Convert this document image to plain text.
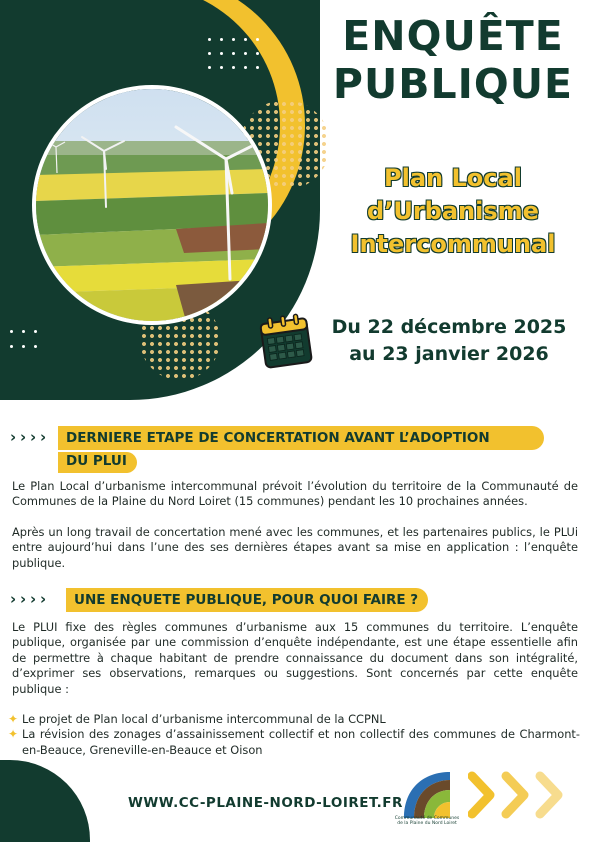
ENQUÊTE
PUBLIQUE
Plan Local
d’Urbanisme
Intercommunal
Du 22 décembre 2025
au 23 janvier 2026
› › › ›	DERNIERE ETAPE DE CONCERTATION AVANT L’ADOPTION
DU PLUI

Le Plan Local d’urbanisme intercommunal prévoit l’évolution du territoire de la Communauté de Communes de la Plaine du Nord Loiret (15 communes) pendant les 10 prochaines années.

Après un long travail de concertation mené avec les communes, et les partenaires publics, le PLUi entre aujourd’hui dans l’une des ses dernières étapes avant sa mise en application : l’enquête publique.

› › › ›	UNE ENQUETE PUBLIQUE, POUR QUOI FAIRE ?

Le PLUI fixe des règles communes d’urbanisme aux 15 communes du territoire. L’enquête publique, organisée par une commission d’enquête indépendante, est une étape essentielle afin de permettre à chaque habitant de prendre connaissance du document dans son intégralité, d’exprimer ses observations, remarques ou suggestions. Sont concernés par cette enquête publique :

✦ Le projet de Plan local d’urbanisme intercommunal de la CCPNL
✦ La révision des zonages d’assainissement collectif et non collectif des communes de Charmont-en-Beauce, Greneville-en-Beauce et Oison
WWW.CC-PLAINE-NORD-LOIRET.FR
Communauté de Communes de la Plaine du Nord Loiret
